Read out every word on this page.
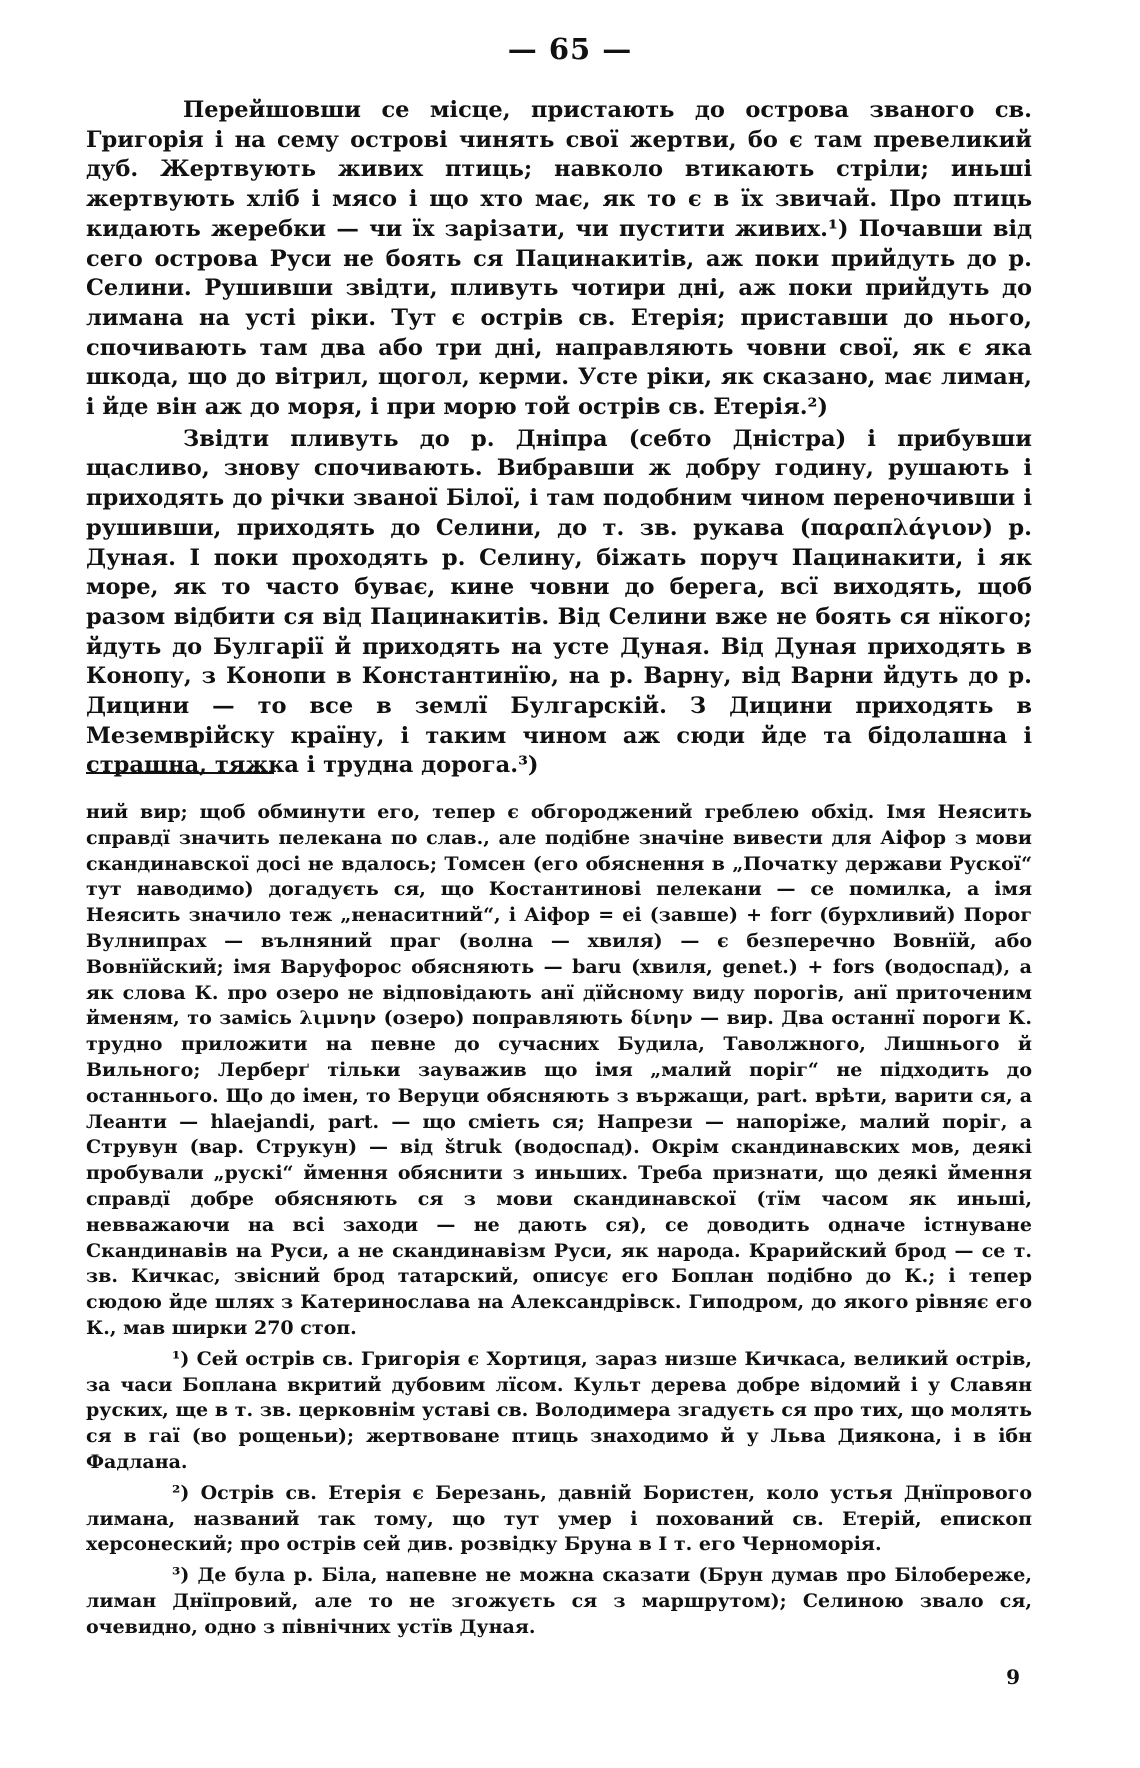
— 65 —

Перейшовши се місце, пристають до острова званого св. Григорія і на сему острові чинять свої жертви, бо є там превеликий дуб. Жертвують живих птиць; навколо втикають стріли; иньші жертвують хліб і мясо і що хто має, як то є в їх звичай. Про птиць кидають жеребки — чи їх зарізати, чи пустити живих.¹) Почавши від сего острова Руси не боять ся Пацинакитів, аж поки прийдуть до р. Селини. Рушивши звідти, пливуть чотири дні, аж поки прийдуть до лимана на усті ріки. Тут є острів св. Етерія; приставши до нього, спочивають там два або три дні, направляють човни свої, як є яка шкода, що до вітрил, щогол, керми. Усте ріки, як сказано, має лиман, і йде він аж до моря, і при морю той острів св. Етерія.²)

Звідти пливуть до р. Дніпра (себто Дністра) і прибувши щасливо, знову спочивають. Вибравши ж добру годину, рушають і приходять до річки званої Білої, і там подобним чином переночивши і рушивши, приходять до Селини, до т. зв. рукава (παραπλάγιον) р. Дуная. І поки проходять р. Селину, біжать поруч Пацинакити, і як море, як то часто буває, кине човни до берега, всї виходять, щоб разом відбити ся від Пацинакитів. Від Селини вже не боять ся нїкого; йдуть до Булгарії й приходять на усте Дуная. Від Дуная приходять в Конопу, з Конопи в Константинїю, на р. Варну, від Варни йдуть до р. Дицини — то все в землї Булгарскій. З Дицини приходять в Mеземврійску країну, і таким чином аж сюди йде та бідолашна і страшна, тяжка і трудна дорога.³)

ний вир; щоб обминути его, тепер є обгороджений греблею обхід. Імя Неясить справдї значить пелекана по слав., але подібне значіне вивести для Аіфор з мови скандинавскої досі нe вдалось; Томсен (его обяснення в „Початку держави Рускої“ тут наводимо) догадуєть ся, що Костантинові пелекани — се помилка, а імя Неясить значило теж „ненаситний“, і Аіфор = ei (завше) + forr (бурхливий) Порог Вулнипрах — вълняний праг (волна — хвиля) — є безперечно Вовнїй, або Вовнїйский; імя Варуфорос обясняють — baru (хвиля, genet.) + fors (водоспад), а як слова К. про озеро не відповідають анї дїйсному виду порогів, анї приточеним йменям, то замісь λιμνην (озеро) поправляють δίνην — вир. Два останнї пороги К. трудно приложити на певне до сучасних Будила, Таволжного, Лишнього й Вильного; Лерберґ тільки зауважив що імя „малий поріг“ не підходить до останнього. Що до імен, то Веруци обясняють з вържащи, part. врѣти, варити ся, а Леанти — hlaejandi, part. — що сміеть ся; Напрези — напоріже, малий поріг, а Струвун (вар. Струкун) — від štruk (водоспад). Окрім скандинавских мов, деякі пробували „рускі“ ймення обяснити з иньших. Треба признати, що деякі ймення справдї добре обясняють ся з мови скандинавскої (тїм часом як иньші, невважаючи на всі заходи — не дають ся), се доводить одначе істнуване Скандинавів на Руси, а не скандинавізм Руси, як народа. Крарийский брод — се т. зв. Кичкас, звісний брод татарский, описує его Боплан подібно до К.; і тепер сюдою йде шлях з Катеринослава на Александрівск. Гиподром, до якого рівняє его К., мав ширки 270 стоп.

¹) Сей острів св. Григорія є Хортиця, зараз низше Кичкаса, великий острів, за часи Боплана вкритий дубовим лїсом. Культ дерева добре відомий і у Славян руских, ще в т. зв. церковнім уставі св. Володимера згадуєть ся про тих, що молять ся в гаї (во рощеньи); жертвоване птиць знаходимо й у Льва Диякона, і в ібн Фадлана.

²) Острів св. Етерія є Березань, давній Бористен, коло устья Днїпрового лимана, названий так тому, що тут умер і похований св. Етерій, епископ херсонеский; про острів сей див. розвідку Бруна в І т. его Черноморія.

³) Де була р. Біла, напевне не можна сказати (Брун думав про Білобереже, лиман Днїпровий, але то не згожуєть ся з маршрутом); Селиною звало ся, очевидно, одно з північних устїв Дуная.

9
